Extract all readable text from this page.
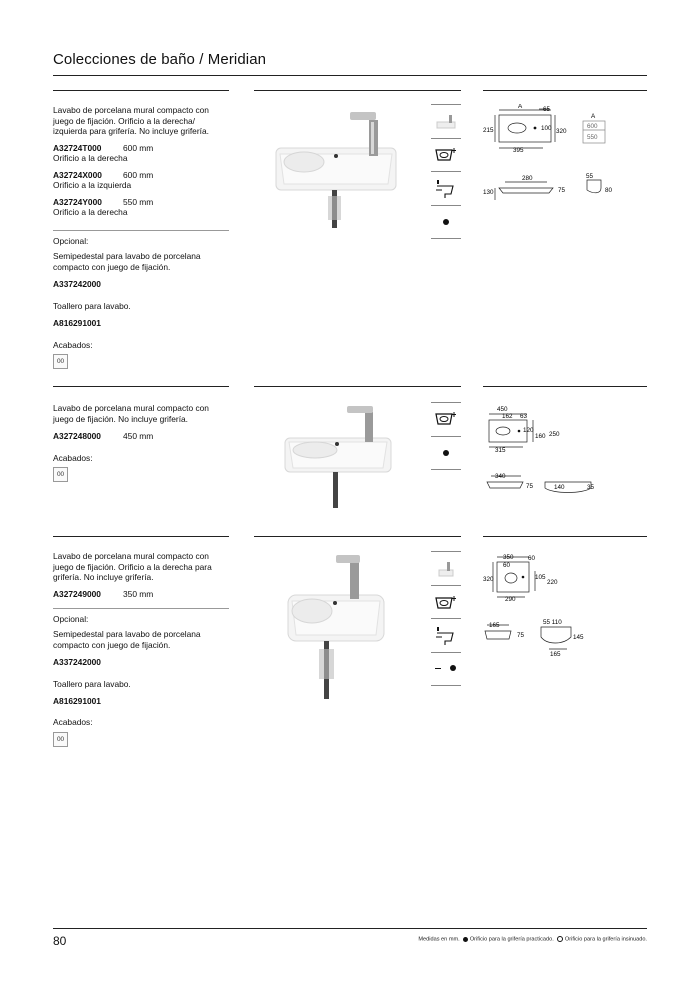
Colecciones de baño / Meridian
Lavabo de porcelana mural compacto con juego de fijación. Orificio a la derecha/ izquierda para grifería. No incluye grifería.
A32724T000	600 mm
Orificio a la derecha
A32724X000	600 mm
Orificio a la izquierda
A32724Y000	550 mm
Orificio a la derecha
Opcional:
Semipedestal para lavabo de porcelana compacto con juego de fijación.
A337242000
Toallero para lavabo.
A816291001
Acabados:
00
A	65
215	100 320
395
A
600
550
280
130	75
55
80
Lavabo de porcelana mural compacto con juego de fijación. No incluye grifería.
A327248000	450 mm
Acabados:
00
450
162 63
120
160 250
315
340
75	140	35
Lavabo de porcelana mural compacto con juego de fijación. Orificio a la derecha para grifería. No incluye grifería.
A327249000	350 mm
Opcional:
Semipedestal para lavabo de porcelana compacto con juego de fijación.
A337242000
Toallero para lavabo.
A816291001
Acabados:
00
350 60
60
320	105
220
290
165
75
55 110
145
165
80	Medidas en mm. Orificio para la grifería practicado. Orificio para la grifería insinuado.
